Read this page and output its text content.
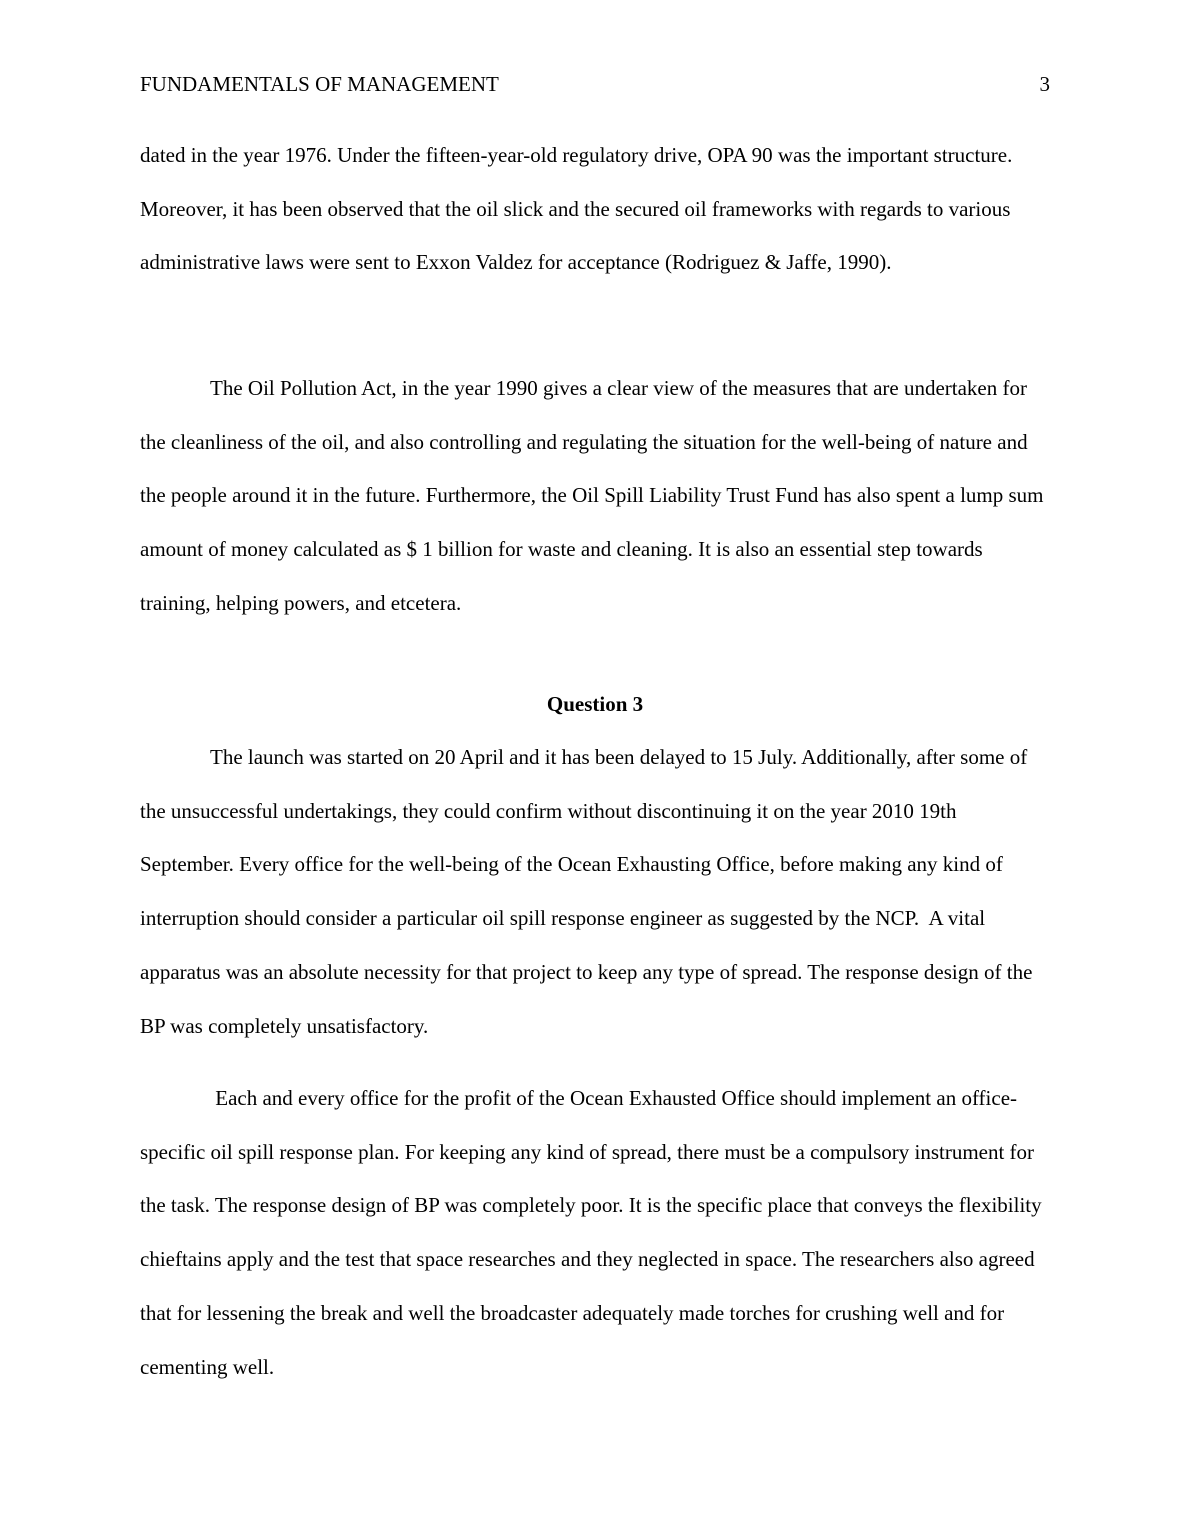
FUNDAMENTALS OF MANAGEMENT	3

dated in the year 1976. Under the fifteen-year-old regulatory drive, OPA 90 was the important structure. Moreover, it has been observed that the oil slick and the secured oil frameworks with regards to various administrative laws were sent to Exxon Valdez for acceptance (Rodriguez & Jaffe, 1990).

The Oil Pollution Act, in the year 1990 gives a clear view of the measures that are undertaken for the cleanliness of the oil, and also controlling and regulating the situation for the well-being of nature and the people around it in the future. Furthermore, the Oil Spill Liability Trust Fund has also spent a lump sum amount of money calculated as $ 1 billion for waste and cleaning. It is also an essential step towards training, helping powers, and etcetera.

Question 3

The launch was started on 20 April and it has been delayed to 15 July. Additionally, after some of the unsuccessful undertakings, they could confirm without discontinuing it on the year 2010 19th September. Every office for the well-being of the Ocean Exhausting Office, before making any kind of interruption should consider a particular oil spill response engineer as suggested by the NCP.  A vital apparatus was an absolute necessity for that project to keep any type of spread. The response design of the BP was completely unsatisfactory.

Each and every office for the profit of the Ocean Exhausted Office should implement an office-specific oil spill response plan. For keeping any kind of spread, there must be a compulsory instrument for the task. The response design of BP was completely poor. It is the specific place that conveys the flexibility chieftains apply and the test that space researches and they neglected in space. The researchers also agreed that for lessening the break and well the broadcaster adequately made torches for crushing well and for cementing well.
